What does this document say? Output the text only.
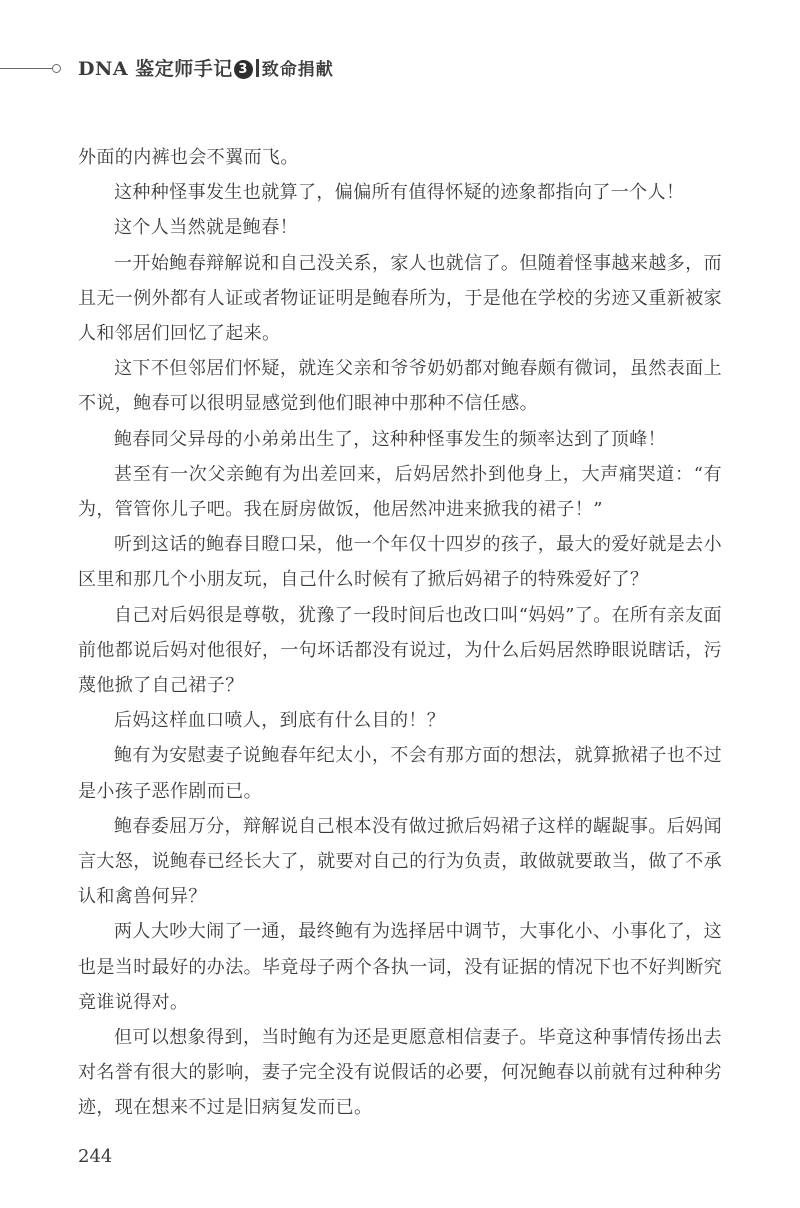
DNA 鉴定师手记 3 致命捐献

外面的内裤也会不翼而飞。

这种种怪事发生也就算了，偏偏所有值得怀疑的迹象都指向了一个人！

这个人当然就是鲍春！

一开始鲍春辩解说和自己没关系，家人也就信了。但随着怪事越来越多，而且无一例外都有人证或者物证证明是鲍春所为，于是他在学校的劣迹又重新被家人和邻居们回忆了起来。

这下不但邻居们怀疑，就连父亲和爷爷奶奶都对鲍春颇有微词，虽然表面上不说，鲍春可以很明显感觉到他们眼神中那种不信任感。

鲍春同父异母的小弟弟出生了，这种种怪事发生的频率达到了顶峰！

甚至有一次父亲鲍有为出差回来，后妈居然扑到他身上，大声痛哭道：“有为，管管你儿子吧。我在厨房做饭，他居然冲进来掀我的裙子！”

听到这话的鲍春目瞪口呆，他一个年仅十四岁的孩子，最大的爱好就是去小区里和那几个小朋友玩，自己什么时候有了掀后妈裙子的特殊爱好了？

自己对后妈很是尊敬，犹豫了一段时间后也改口叫“妈妈”了。在所有亲友面前他都说后妈对他很好，一句坏话都没有说过，为什么后妈居然睁眼说瞎话，污蔑他掀了自己裙子？

后妈这样血口喷人，到底有什么目的！？

鲍有为安慰妻子说鲍春年纪太小，不会有那方面的想法，就算掀裙子也不过是小孩子恶作剧而已。

鲍春委屈万分，辩解说自己根本没有做过掀后妈裙子这样的龌龊事。后妈闻言大怒，说鲍春已经长大了，就要对自己的行为负责，敢做就要敢当，做了不承认和禽兽何异？

两人大吵大闹了一通，最终鲍有为选择居中调节，大事化小、小事化了，这也是当时最好的办法。毕竟母子两个各执一词，没有证据的情况下也不好判断究竟谁说得对。

但可以想象得到，当时鲍有为还是更愿意相信妻子。毕竟这种事情传扬出去对名誉有很大的影响，妻子完全没有说假话的必要，何况鲍春以前就有过种种劣迹，现在想来不过是旧病复发而已。

244
